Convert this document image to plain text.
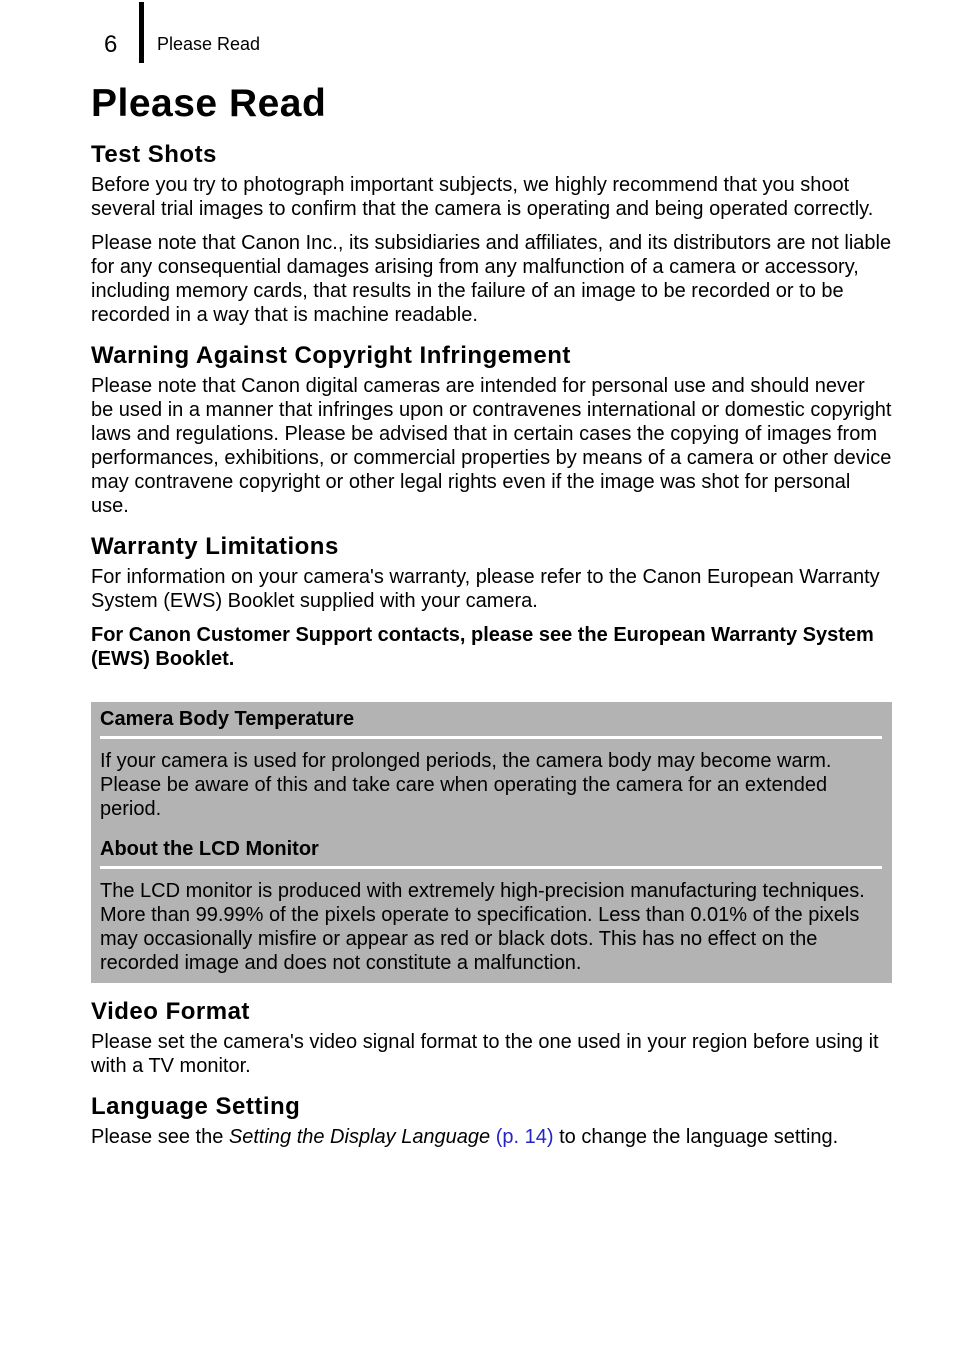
6 Please Read
Please Read
Test Shots

Before you try to photograph important subjects, we highly recommend that you shoot several trial images to confirm that the camera is operating and being operated correctly.

Please note that Canon Inc., its subsidiaries and affiliates, and its distributors are not liable for any consequential damages arising from any malfunction of a camera or accessory, including memory cards, that results in the failure of an image to be recorded or to be recorded in a way that is machine readable.

Warning Against Copyright Infringement

Please note that Canon digital cameras are intended for personal use and should never be used in a manner that infringes upon or contravenes international or domestic copyright laws and regulations. Please be advised that in certain cases the copying of images from performances, exhibitions, or commercial properties by means of a camera or other device may contravene copyright or other legal rights even if the image was shot for personal use.

Warranty Limitations

For information on your camera's warranty, please refer to the Canon European Warranty System (EWS) Booklet supplied with your camera.

For Canon Customer Support contacts, please see the European Warranty System (EWS) Booklet.

Camera Body Temperature

If your camera is used for prolonged periods, the camera body may become warm. Please be aware of this and take care when operating the camera for an extended period.

About the LCD Monitor

The LCD monitor is produced with extremely high-precision manufacturing techniques. More than 99.99% of the pixels operate to specification. Less than 0.01% of the pixels may occasionally misfire or appear as red or black dots. This has no effect on the recorded image and does not constitute a malfunction.

Video Format

Please set the camera's video signal format to the one used in your region before using it with a TV monitor.

Language Setting

Please see the Setting the Display Language (p. 14) to change the language setting.
